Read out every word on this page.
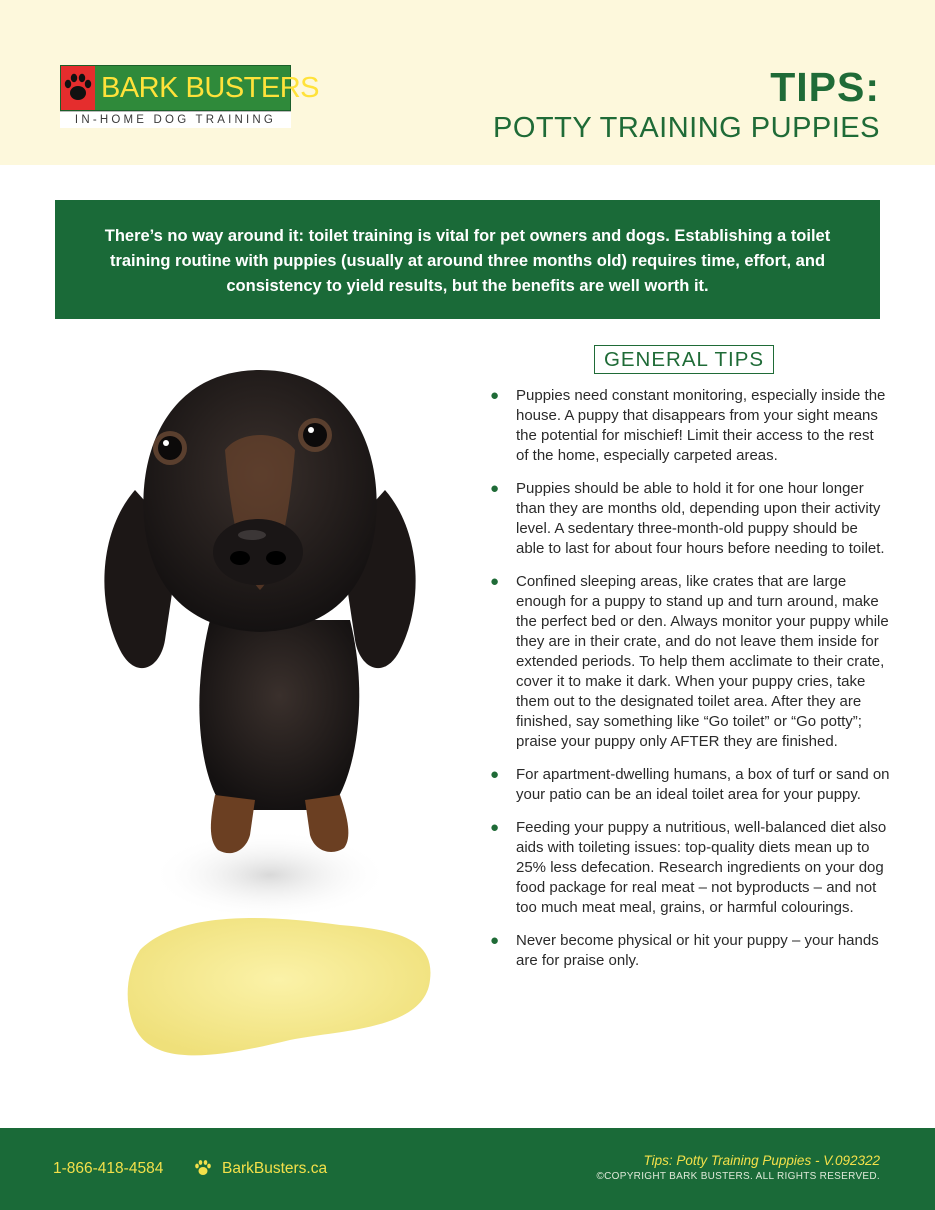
BARK BUSTERS
IN-HOME DOG TRAINING
TIPS:
POTTY TRAINING PUPPIES
There’s no way around it: toilet training is vital for pet owners and dogs. Establishing a toilet training routine with puppies (usually at around three months old) requires time, effort, and consistency to yield results, but the benefits are well worth it.
GENERAL TIPS
● Puppies need constant monitoring, especially inside the house. A puppy that disappears from your sight means the potential for mischief! Limit their access to the rest of the home, especially carpeted areas.
● Puppies should be able to hold it for one hour longer than they are months old, depending upon their activity level. A sedentary three-month-old puppy should be able to last for about four hours before needing to toilet.
● Confined sleeping areas, like crates that are large enough for a puppy to stand up and turn around, make the perfect bed or den. Always monitor your puppy while they are in their crate, and do not leave them inside for extended periods. To help them acclimate to their crate, cover it to make it dark. When your puppy cries, take them out to the designated toilet area. After they are finished, say something like “Go toilet” or “Go potty”; praise your puppy only AFTER they are finished.
● For apartment-dwelling humans, a box of turf or sand on your patio can be an ideal toilet area for your puppy.
● Feeding your puppy a nutritious, well-balanced diet also aids with toileting issues: top-quality diets mean up to 25% less defecation. Research ingredients on your dog food package for real meat – not byproducts – and not too much meat meal, grains, or harmful colourings.
● Never become physical or hit your puppy – your hands are for praise only.
1-866-418-4584	BarkBusters.ca	Tips: Potty Training Puppies - V.092322
©COPYRIGHT BARK BUSTERS. ALL RIGHTS RESERVED.
